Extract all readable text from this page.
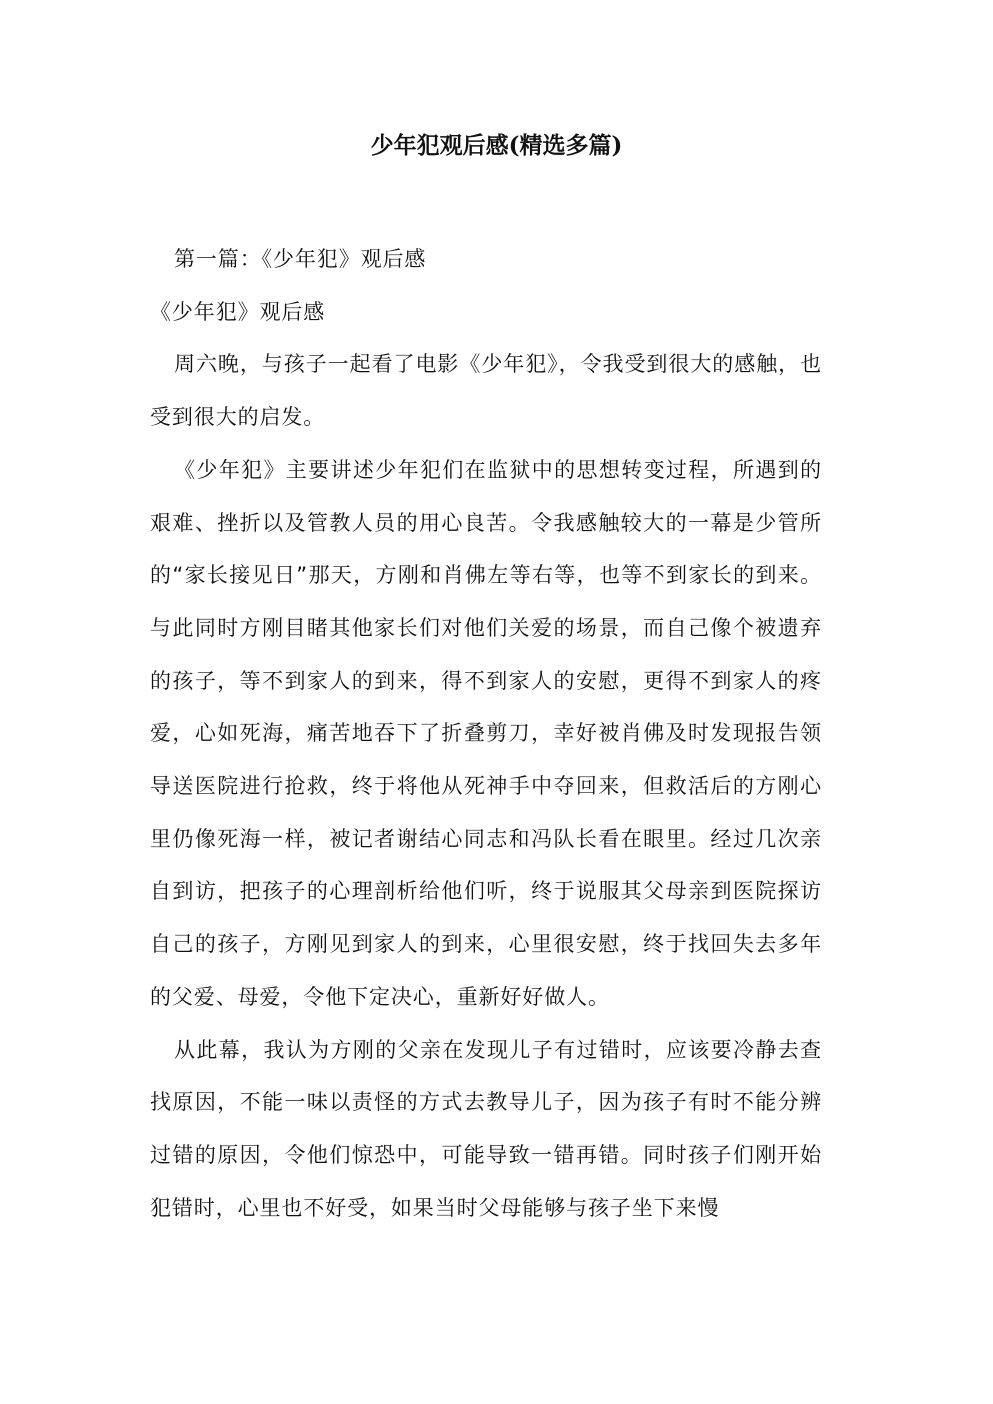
少年犯观后感(精选多篇)

第一篇：《少年犯》观后感

《少年犯》观后感

周六晚，与孩子一起看了电影《少年犯》，令我受到很大的感触，也受到很大的启发。

《少年犯》主要讲述少年犯们在监狱中的思想转变过程，所遇到的艰难、挫折以及管教人员的用心良苦。令我感触较大的一幕是少管所的“家长接见日”那天，方刚和肖佛左等右等，也等不到家长的到来。与此同时方刚目睹其他家长们对他们关爱的场景，而自己像个被遗弃的孩子，等不到家人的到来，得不到家人的安慰，更得不到家人的疼爱，心如死海，痛苦地吞下了折叠剪刀，幸好被肖佛及时发现报告领导送医院进行抢救，终于将他从死神手中夺回来，但救活后的方刚心里仍像死海一样，被记者谢结心同志和冯队长看在眼里。经过几次亲自到访，把孩子的心理剖析给他们听，终于说服其父母亲到医院探访自己的孩子，方刚见到家人的到来，心里很安慰，终于找回失去多年的父爱、母爱，令他下定决心，重新好好做人。

从此幕，我认为方刚的父亲在发现儿子有过错时，应该要冷静去查找原因，不能一味以责怪的方式去教导儿子，因为孩子有时不能分辨过错的原因，令他们惊恐中，可能导致一错再错。同时孩子们刚开始犯错时，心里也不好受，如果当时父母能够与孩子坐下来慢
